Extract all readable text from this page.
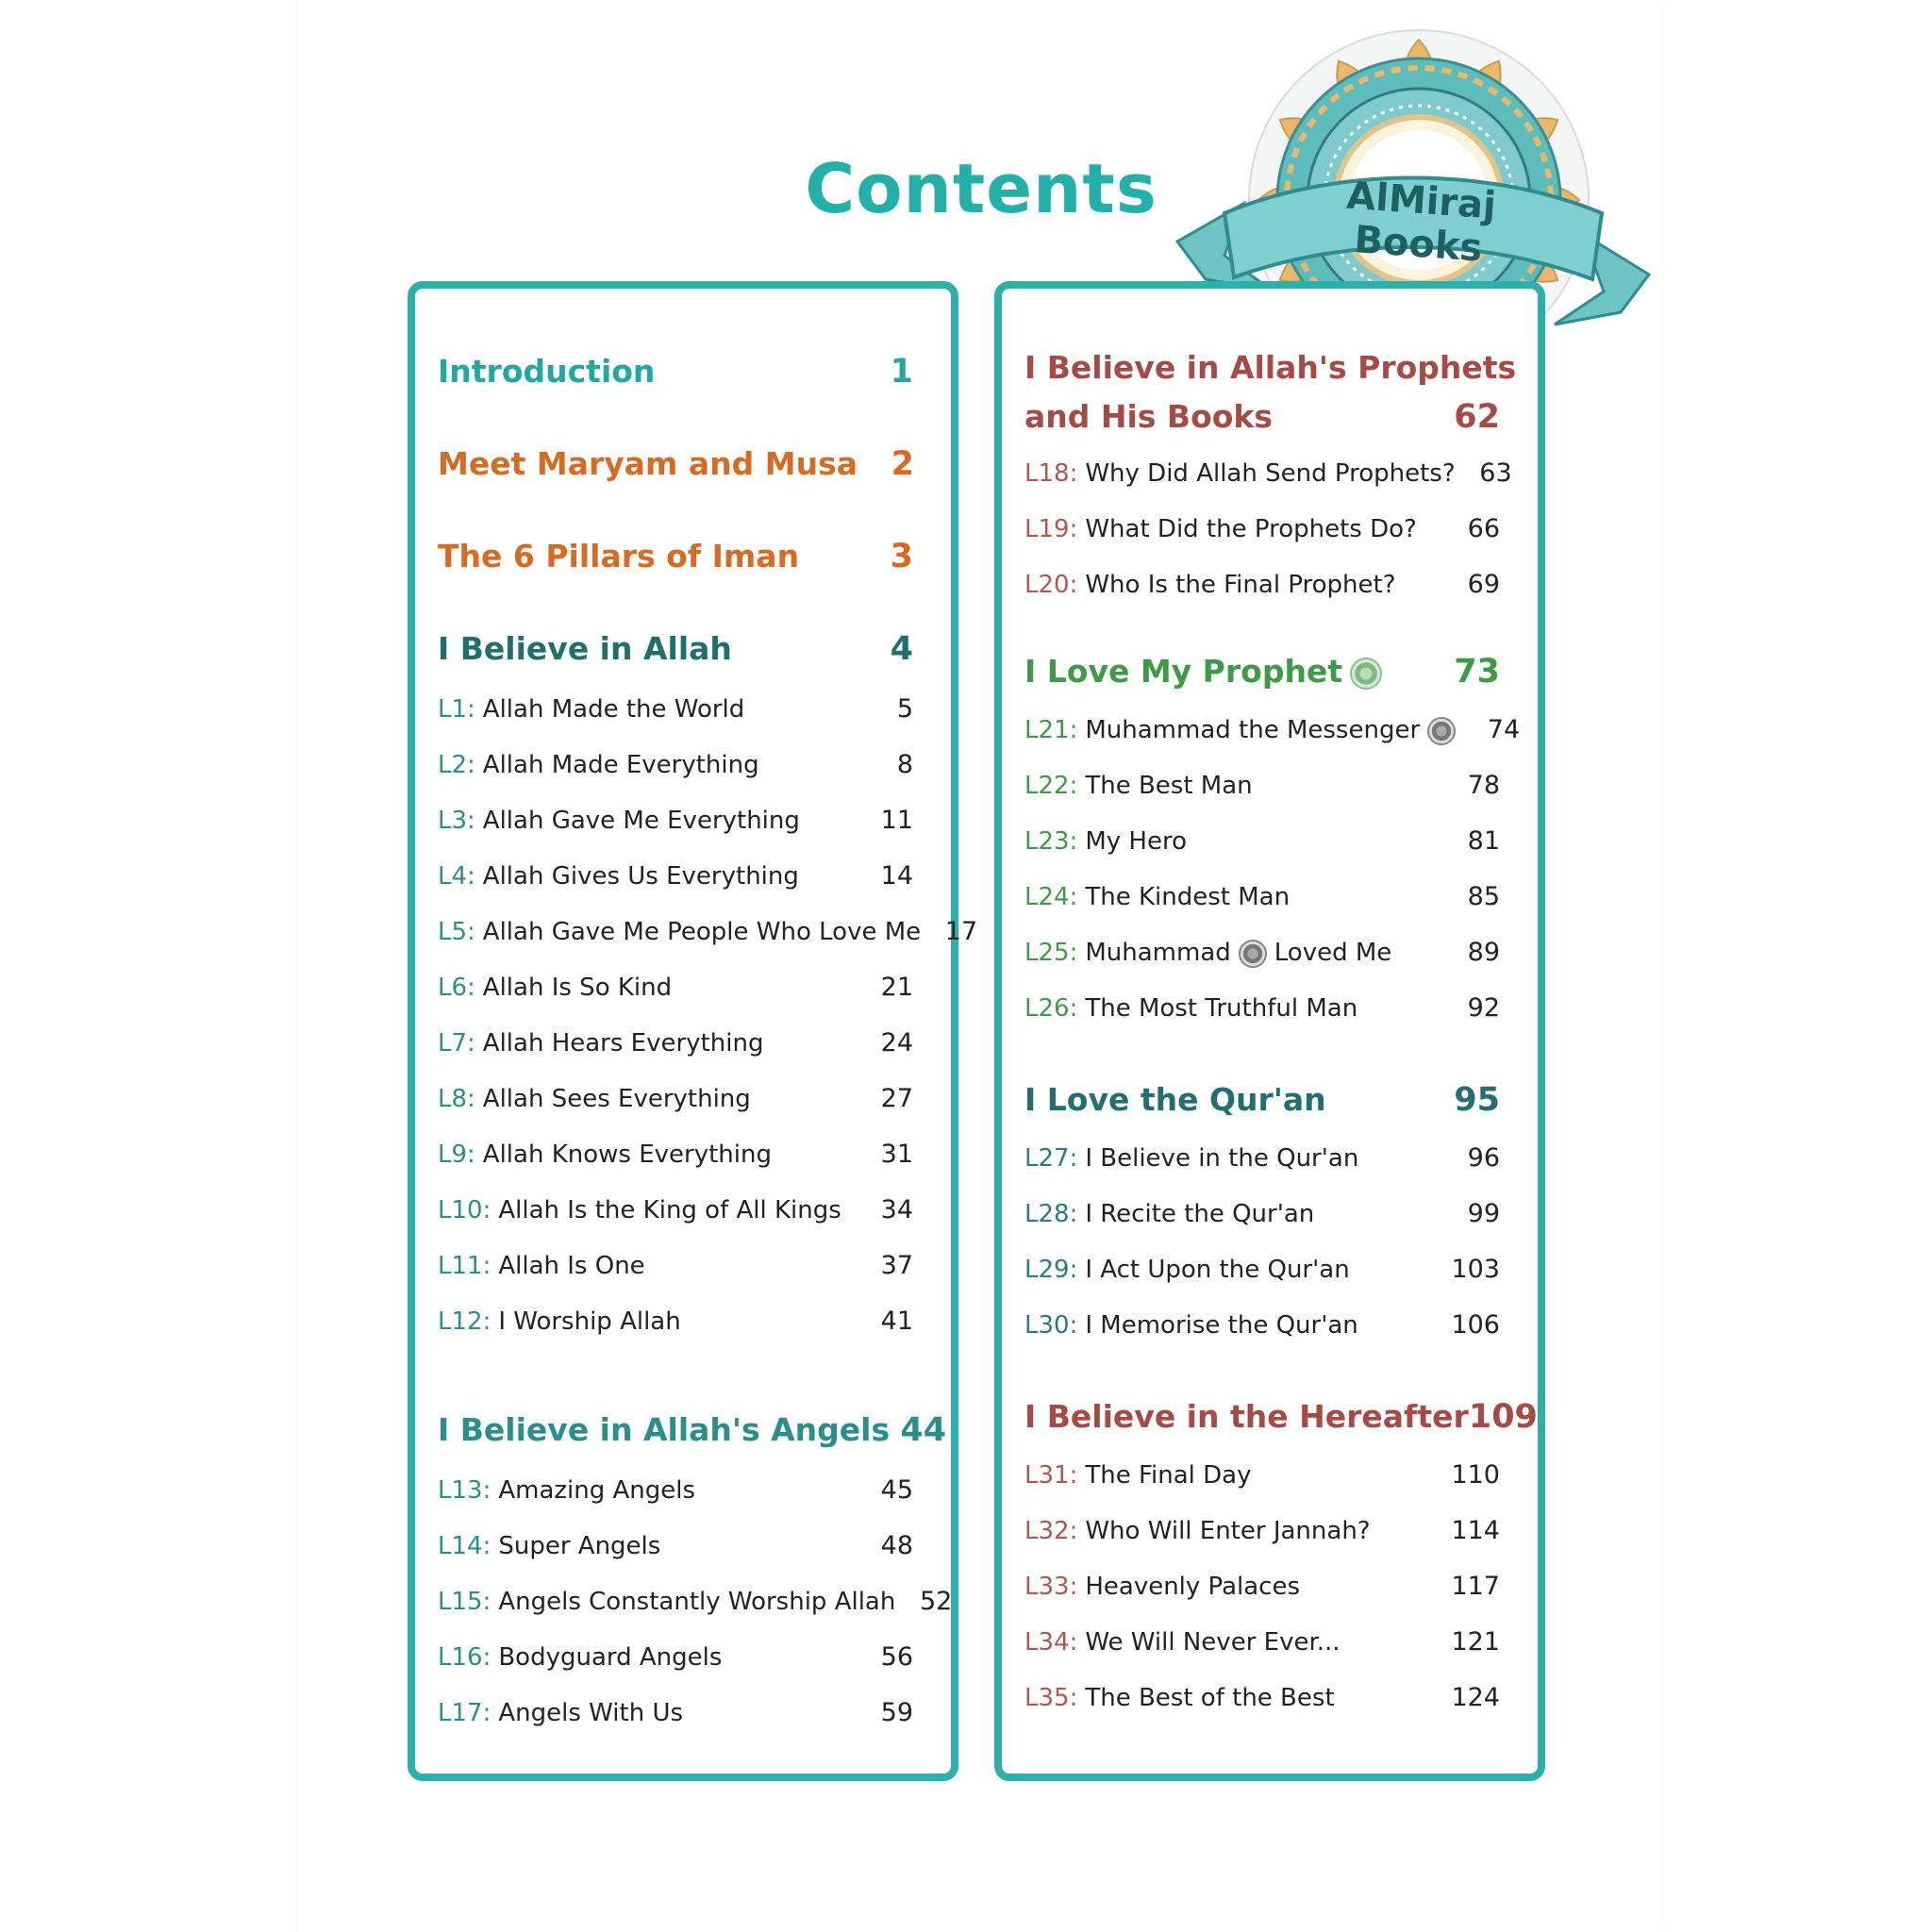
Contents	AlMiraj Books
Introduction	1
Meet Maryam and Musa	2
The 6 Pillars of Iman	3
I Believe in Allah	4
L1: Allah Made the World	5
L2: Allah Made Everything	8
L3: Allah Gave Me Everything	11
L4: Allah Gives Us Everything	14
L5: Allah Gave Me People Who Love Me 17
L6: Allah Is So Kind	21
L7: Allah Hears Everything	24
L8: Allah Sees Everything	27
L9: Allah Knows Everything	31
L10: Allah Is the King of All Kings	34
L11: Allah Is One	37
L12: I Worship Allah	41
I Believe in Allah's Angels 44
L13: Amazing Angels	45
L14: Super Angels	48
L15: Angels Constantly Worship Allah 52
L16: Bodyguard Angels	56
L17: Angels With Us	59
I Believe in Allah's Prophets
and His Books	62
L18: Why Did Allah Send Prophets? 63
L19: What Did the Prophets Do?	66
L20: Who Is the Final Prophet?	69
I Love My Prophet	73
L21: Muhammad the Messenger	74
L22: The Best Man	78
L23: My Hero	81
L24: The Kindest Man	85
L25: Muhammad Loved Me	89
L26: The Most Truthful Man	92
I Love the Qur'an	95
L27: I Believe in the Qur'an	96
L28: I Recite the Qur'an	99
L29: I Act Upon the Qur'an	103
L30: I Memorise the Qur'an	106
I Believe in the Hereafter 109
L31: The Final Day	110
L32: Who Will Enter Jannah?	114
L33: Heavenly Palaces	117
L34: We Will Never Ever...	121
L35: The Best of the Best	124
